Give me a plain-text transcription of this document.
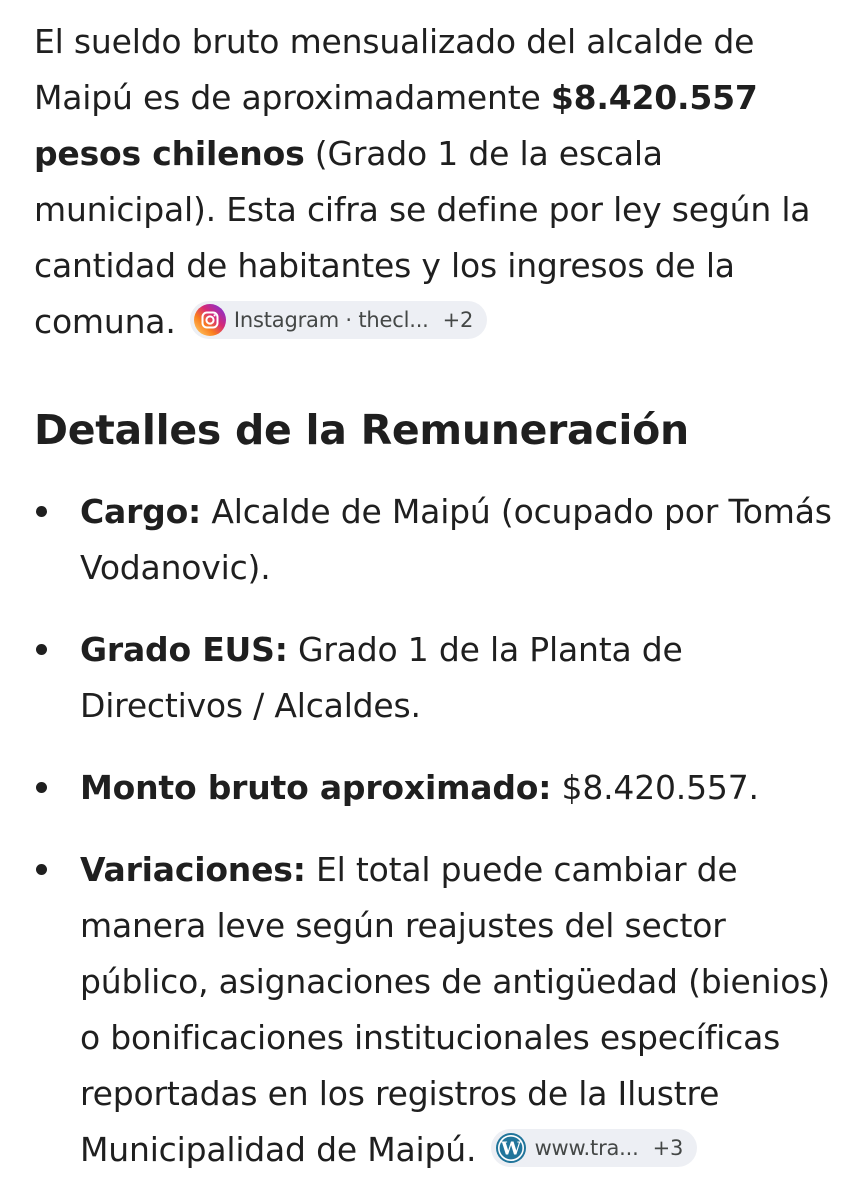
El sueldo bruto mensualizado del alcalde de Maipú es de aproximadamente $8.420.557 pesos chilenos (Grado 1 de la escala municipal). Esta cifra se define por ley según la cantidad de habitantes y los ingresos de la comuna.	Instagram · thecl... +2

Detalles de la Remuneración
Cargo: Alcalde de Maipú (ocupado por Tomás Vodanovic).
Grado EUS: Grado 1 de la Planta de Directivos / Alcaldes.
Monto bruto aproximado: $8.420.557.
Variaciones: El total puede cambiar de manera leve según reajustes del sector público, asignaciones de antigüedad (bienios) o bonificaciones institucionales específicas reportadas en los registros de la Ilustre Municipalidad de Maipú. W www.tra... +3
